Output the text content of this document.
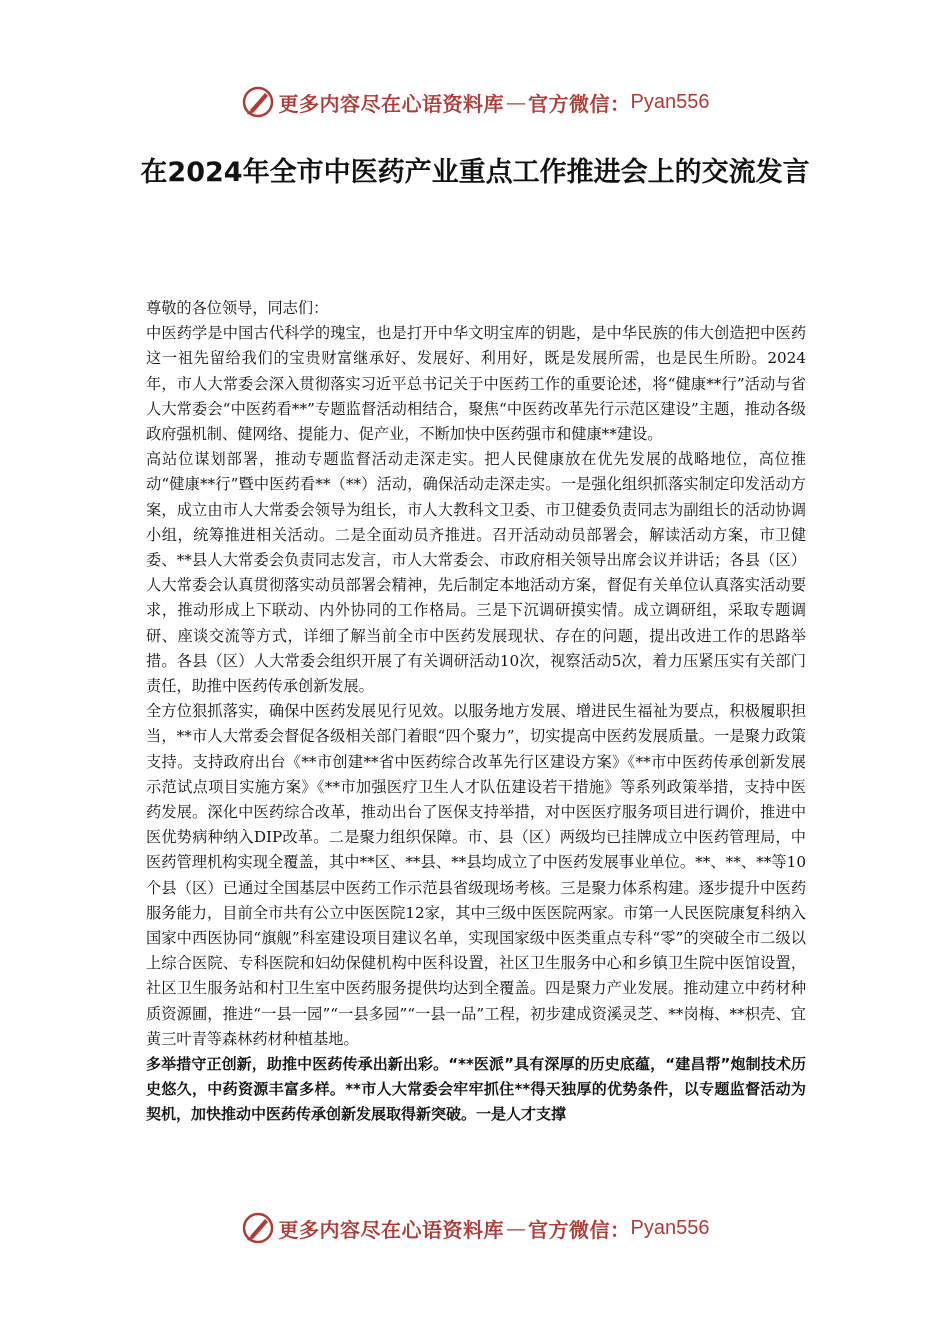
更多内容尽在心语资料库 — 官方微信： Pyan556
在2024年全市中医药产业重点工作推进会上的交流发言

尊敬的各位领导，同志们：

中医药学是中国古代科学的瑰宝，也是打开中华文明宝库的钥匙，是中华民族的伟大创造把中医药这一祖先留给我们的宝贵财富继承好、发展好、利用好，既是发展所需，也是民生所盼。2024年，市人大常委会深入贯彻落实习近平总书记关于中医药工作的重要论述，将“健康**行”活动与省人大常委会“中医药看**”专题监督活动相结合，聚焦“中医药改革先行示范区建设”主题，推动各级政府强机制、健网络、提能力、促产业，不断加快中医药强市和健康**建设。

高站位谋划部署，推动专题监督活动走深走实。把人民健康放在优先发展的战略地位，高位推动“健康**行”暨中医药看**（**）活动，确保活动走深走实。一是强化组织抓落实制定印发活动方案，成立由市人大常委会领导为组长，市人大教科文卫委、市卫健委负责同志为副组长的活动协调小组，统筹推进相关活动。二是全面动员齐推进。召开活动动员部署会，解读活动方案，市卫健委、**县人大常委会负责同志发言，市人大常委会、市政府相关领导出席会议并讲话；各县（区）人大常委会认真贯彻落实动员部署会精神，先后制定本地活动方案，督促有关单位认真落实活动要求，推动形成上下联动、内外协同的工作格局。三是下沉调研摸实情。成立调研组，采取专题调研、座谈交流等方式，详细了解当前全市中医药发展现状、存在的问题，提出改进工作的思路举措。各县（区）人大常委会组织开展了有关调研活动10次，视察活动5次，着力压紧压实有关部门责任，助推中医药传承创新发展。

全方位狠抓落实，确保中医药发展见行见效。以服务地方发展、增进民生福祉为要点，积极履职担当，**市人大常委会督促各级相关部门着眼“四个聚力”，切实提高中医药发展质量。一是聚力政策支持。支持政府出台《**市创建**省中医药综合改革先行区建设方案》《**市中医药传承创新发展示范试点项目实施方案》《**市加强医疗卫生人才队伍建设若干措施》等系列政策举措，支持中医药发展。深化中医药综合改革，推动出台了医保支持举措，对中医医疗服务项目进行调价，推进中医优势病种纳入DIP改革。二是聚力组织保障。市、县（区）两级均已挂牌成立中医药管理局，中医药管理机构实现全覆盖，其中**区、**县、**县均成立了中医药发展事业单位。**、**、**等10个县（区）已通过全国基层中医药工作示范县省级现场考核。三是聚力体系构建。逐步提升中医药服务能力，目前全市共有公立中医医院12家，其中三级中医医院两家。市第一人民医院康复科纳入国家中西医协同“旗舰”科室建设项目建议名单，实现国家级中医类重点专科“零”的突破全市二级以上综合医院、专科医院和妇幼保健机构中医科设置，社区卫生服务中心和乡镇卫生院中医馆设置，社区卫生服务站和村卫生室中医药服务提供均达到全覆盖。四是聚力产业发展。推动建立中药材种质资源圃，推进“一县一园”“一县多园”“一县一品”工程，初步建成资溪灵芝、**岗梅、**枳壳、宜黄三叶青等森林药材种植基地。

多举措守正创新，助推中医药传承出新出彩。“**医派”具有深厚的历史底蕴，“建昌帮”炮制技术历史悠久，中药资源丰富多样。**市人大常委会牢牢抓住**得天独厚的优势条件，以专题监督活动为契机，加快推动中医药传承创新发展取得新突破。一是人才支撑

更多内容尽在心语资料库 — 官方微信： Pyan556
